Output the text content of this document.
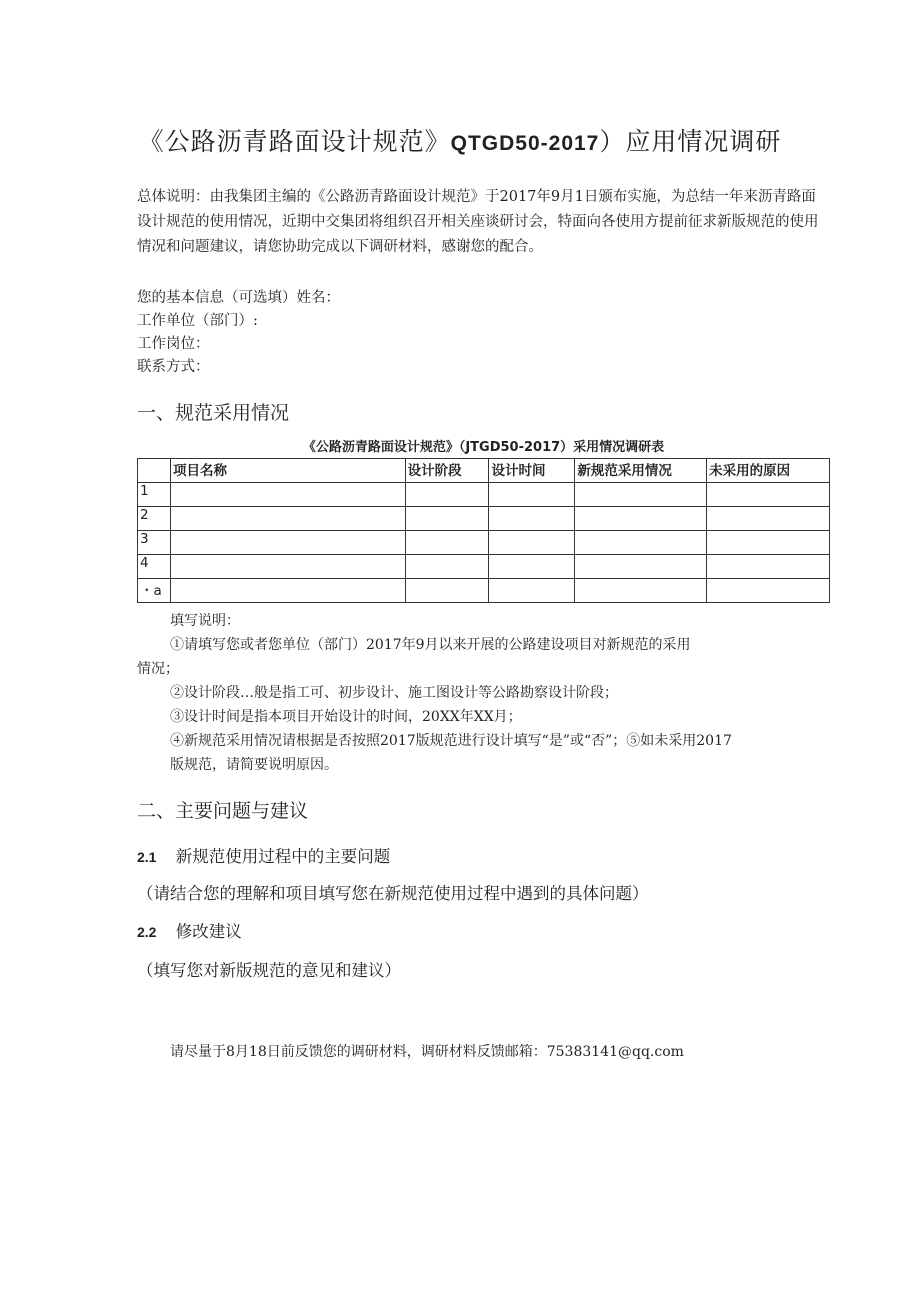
《公路沥青路面设计规范》QTGD50-2017）应用情况调研
总体说明：由我集团主编的《公路沥青路面设计规范》于2017年9月1日颁布实施，为总结一年来沥青路面设计规范的使用情况，近期中交集团将组织召开相关座谈研讨会，特面向各使用方提前征求新版规范的使用情况和问题建议，请您协助完成以下调研材料，感谢您的配合。
您的基本信息（可选填）姓名：
工作单位（部门）:
工作岗位：
联系方式：
一、规范采用情况
《公路沥青路面设计规范》（JTGD50-2017）采用情况调研表
	项目名称	设计阶段	设计时间	新规范采用情况	未采用的原因
1					
2					
3					
4					
・a					
填写说明：
①请填写您或者您单位（部门）2017年9月以来开展的公路建设项目对新规范的采用
情况；
②设计阶段…般是指工可、初步设计、施工图设计等公路勘察设计阶段；
③设计时间是指本项目开始设计的时间，20XX年XX月；
④新规范采用情况请根据是否按照2017版规范进行设计填写“是”或“否”；⑤如未采用2017
版规范，请简要说明原因。
二、主要问题与建议
2.1 新规范使用过程中的主要问题
（请结合您的理解和项目填写您在新规范使用过程中遇到的具体问题）
2.2 修改建议
（填写您对新版规范的意见和建议）
请尽量于8月18日前反馈您的调研材料，调研材料反馈邮箱：75383141@qq.com
